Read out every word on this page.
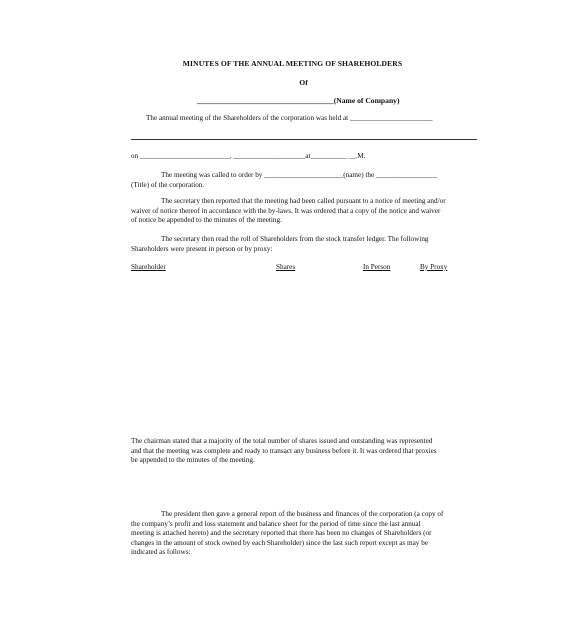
MINUTES OF THE ANNUAL MEETING OF SHAREHOLDERS
Of
____________________________________(Name of Company)
The annual meeting of the Shareholders of the corporation was held at _______________________
on _________________________, ____________________at__________ __.M.

The meeting was called to order by ______________________(name) the _________________

(Title) of the corporation.

The secretary then reported that the meeting had been called pursuant to a notice of meeting and/or

waiver of notice thereof in accordance with the by-laws. It was ordered that a copy of the notice and waiver

of notice be appended to the minutes of the meeting.

The secretary then read the roll of Shareholders from the stock transfer ledger. The following

Shareholders were present in person or by proxy:

Shareholder	Shares	In Person	By Proxy

The chairman stated that a majority of the total number of shares issued and outstanding was represented

and that the meeting was complete and ready to transact any business before it. It was ordered that proxies

be appended to the minutes of the meeting.

The president then gave a general report of the business and finances of the corporation (a copy of

the company’s profit and loss statement and balance sheet for the period of time since the last annual

meeting is attached hereto) and the secretary reported that there has been no changes of Shareholders (or

changes in the amount of stock owned by each Shareholder) since the last such report except as may be

indicated as follows:
